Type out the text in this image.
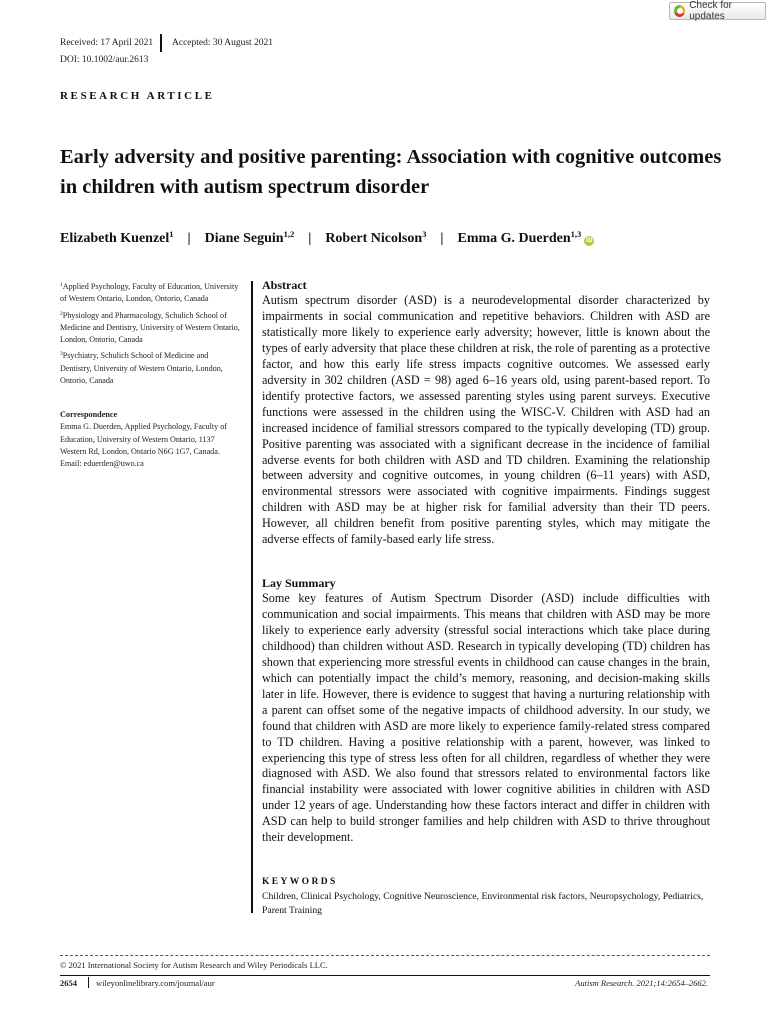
Check for updates
Received: 17 April 2021 Accepted: 30 August 2021
DOI: 10.1002/aur.2613
RESEARCH ARTICLE
Early adversity and positive parenting: Association with cognitive outcomes in children with autism spectrum disorder
Elizabeth Kuenzel$^1$ | Diane Seguin$^{1,2}$ | Robert Nicolson$^3$ | Emma G. Duerden$^{1,3}$
iD

$^1$Applied Psychology, Faculty of Education, University of Western Ontario, London, Ontorio, Canada

$^2$Physiology and Pharmacology, Schulich School of Medicine and Dentistry, University of Western Ontario, London, Ontorio, Canada

$^3$Psychiatry, Schulich School of Medicine and Dentistry, University of Western Ontario, London, Ontorio, Canada

Correspondence
Emma G. Duerden, Applied Psychology, Faculty of Education, University of Western Ontario, 1137 Western Rd, London, Ontario N6G 1G7, Canada.
Email: eduerden@uwo.ca
Abstract

Autism spectrum disorder (ASD) is a neurodevelopmental disorder characterized by impairments in social communication and repetitive behaviors. Children with ASD are statistically more likely to experience early adversity; however, little is known about the types of early adversity that place these children at risk, the role of parenting as a protective factor, and how this early life stress impacts cognitive outcomes. We assessed early adversity in 302 children (ASD = 98) aged 6–16 years old, using parent-based report. To identify protective factors, we assessed parenting styles using parent surveys. Executive functions were assessed in the children using the WISC-V. Children with ASD had an increased incidence of familial stressors compared to the typically developing (TD) group. Positive parenting was associated with a significant decrease in the incidence of familial adverse events for both children with ASD and TD children. Examining the relationship between adversity and cognitive outcomes, in young children (6–11 years) with ASD, environmental stressors were associated with cognitive impairments. Findings suggest children with ASD may be at higher risk for familial adversity than their TD peers. However, all children benefit from positive parenting styles, which may mitigate the adverse effects of family-based early life stress.

Lay Summary

Some key features of Autism Spectrum Disorder (ASD) include difficulties with communication and social impairments. This means that children with ASD may be more likely to experience early adversity (stressful social interactions which take place during childhood) than children without ASD. Research in typically developing (TD) children has shown that experiencing more stressful events in childhood can cause changes in the brain, which can potentially impact the child’s memory, reasoning, and decision-making skills later in life. However, there is evidence to suggest that having a nurturing relationship with a parent can offset some of the negative impacts of childhood adversity. In our study, we found that children with ASD are more likely to experience family-related stress compared to TD children. Having a positive relationship with a parent, however, was linked to experiencing this type of stress less often for all children, regardless of whether they were diagnosed with ASD. We also found that stressors related to environmental factors like financial instability were associated with lower cognitive abilities in children with ASD under 12 years of age. Understanding how these factors interact and differ in children with ASD can help to build stronger families and help children with ASD to thrive throughout their development.

KEYWORDS

Children, Clinical Psychology, Cognitive Neuroscience, Environmental risk factors, Neuropsychology, Pediatrics, Parent Training

© 2021 International Society for Autism Research and Wiley Periodicals LLC.
2654 wileyonlinelibrary.com/journal/aur	Autism Research. 2021;14:2654–2662.
